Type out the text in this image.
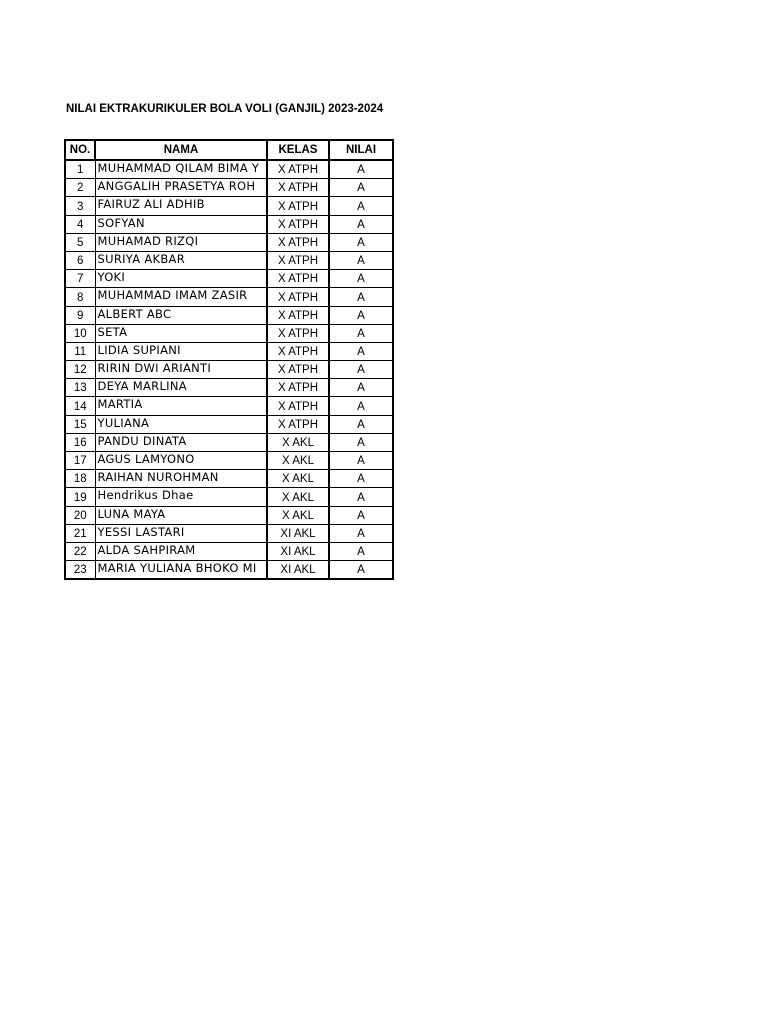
NILAI EKTRAKURIKULER BOLA VOLI (GANJIL) 2023-2024
NO.	NAMA	KELAS	NILAI
1	MUHAMMAD QILAM BIMA Y	X ATPH	A
2	ANGGALIH PRASETYA ROH	X ATPH	A
3	FAIRUZ ALI ADHIB	X ATPH	A
4	SOFYAN	X ATPH	A
5	MUHAMAD RIZQI	X ATPH	A
6	SURIYA AKBAR	X ATPH	A
7	YOKI	X ATPH	A
8	MUHAMMAD IMAM ZASIR	X ATPH	A
9	ALBERT ABC	X ATPH	A
10	SETA	X ATPH	A
11	LIDIA SUPIANI	X ATPH	A
12	RIRIN DWI ARIANTI	X ATPH	A
13	DEYA MARLINA	X ATPH	A
14	MARTIA	X ATPH	A
15	YULIANA	X ATPH	A
16	PANDU DINATA	X AKL	A
17	AGUS LAMYONO	X AKL	A
18	RAIHAN NUROHMAN	X AKL	A
19	Hendrikus Dhae	X AKL	A
20	LUNA MAYA	X AKL	A
21	YESSI LASTARI	XI AKL	A
22	ALDA SAHPIRAM	XI AKL	A
23	MARIA YULIANA BHOKO MI	XI AKL	A
